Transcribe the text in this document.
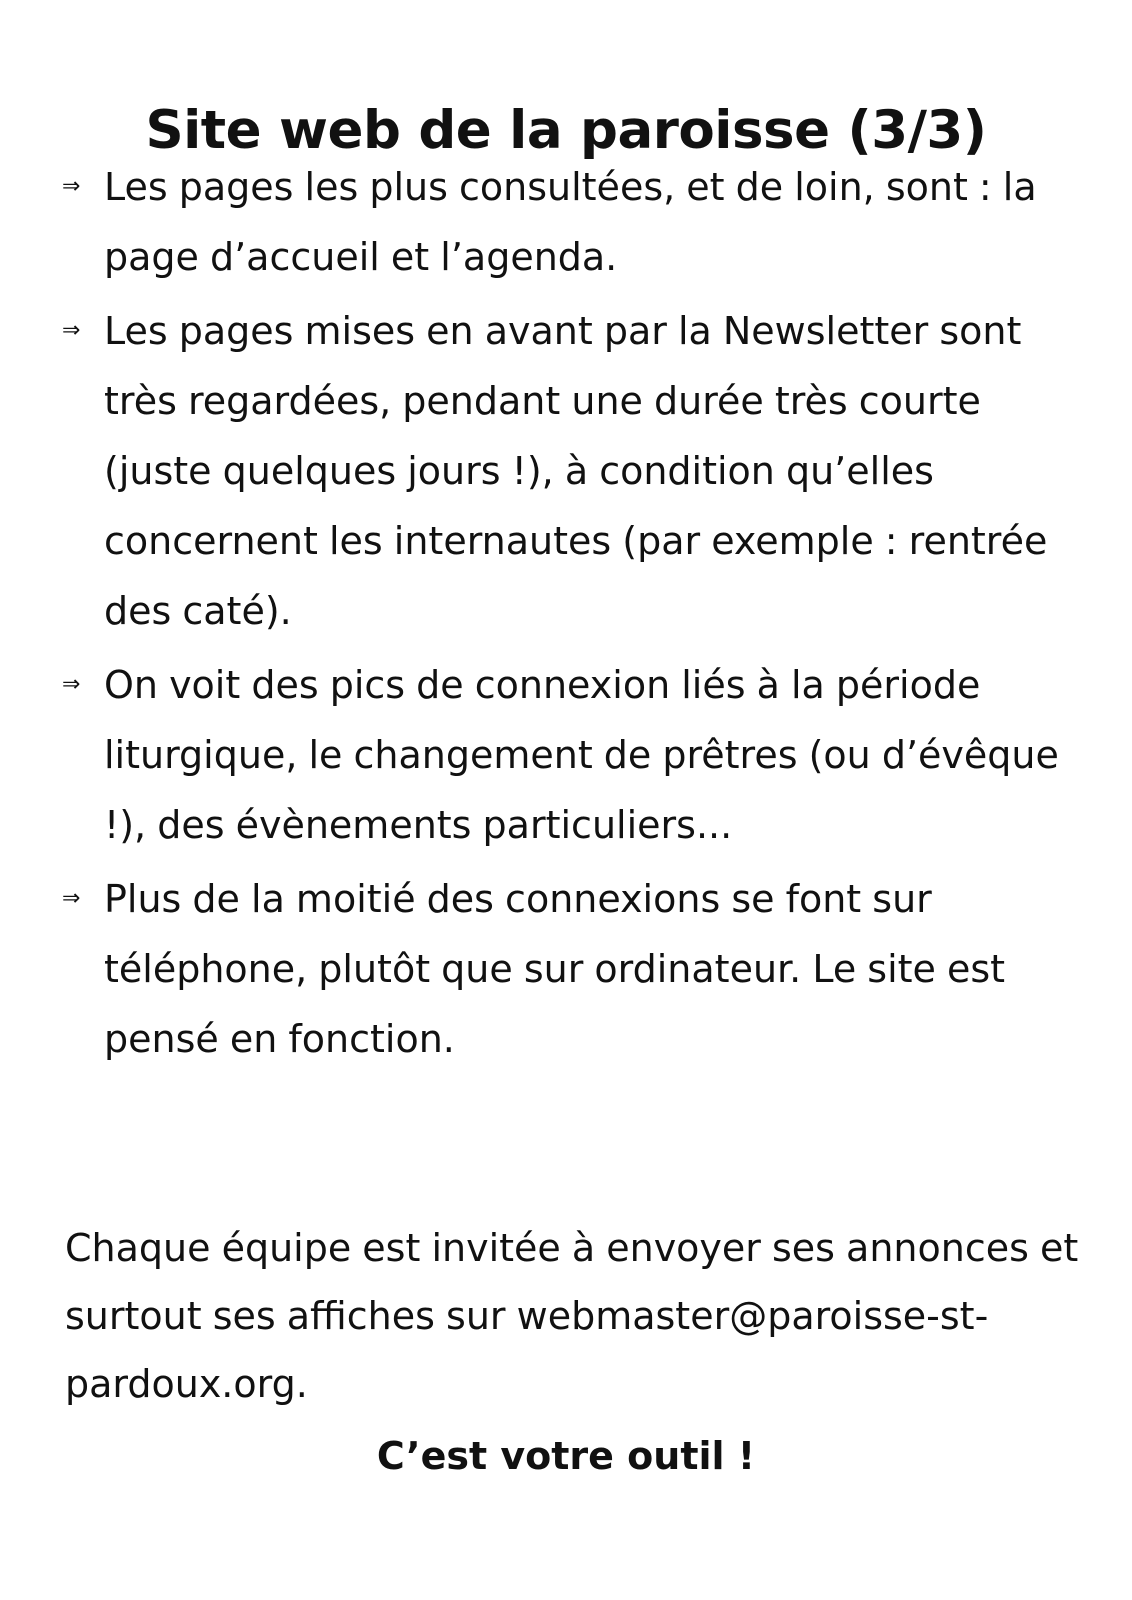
Site web de la paroisse (3/3)
⇒ Les pages les plus consultées, et de loin, sont : la page d’accueil et l’agenda.
⇒ Les pages mises en avant par la Newsletter sont très regardées, pendant une durée très courte (juste quelques jours !), à condition qu’elles concernent les internautes (par exemple : rentrée des caté).
⇒ On voit des pics de connexion liés à la période liturgique, le changement de prêtres (ou d’évêque !), des évènements particuliers...
⇒ Plus de la moitié des connexions se font sur téléphone, plutôt que sur ordinateur. Le site est pensé en fonction.

Chaque équipe est invitée à envoyer ses annonces et surtout ses affiches sur webmaster@paroisse-st-pardoux.org.

C’est votre outil !
